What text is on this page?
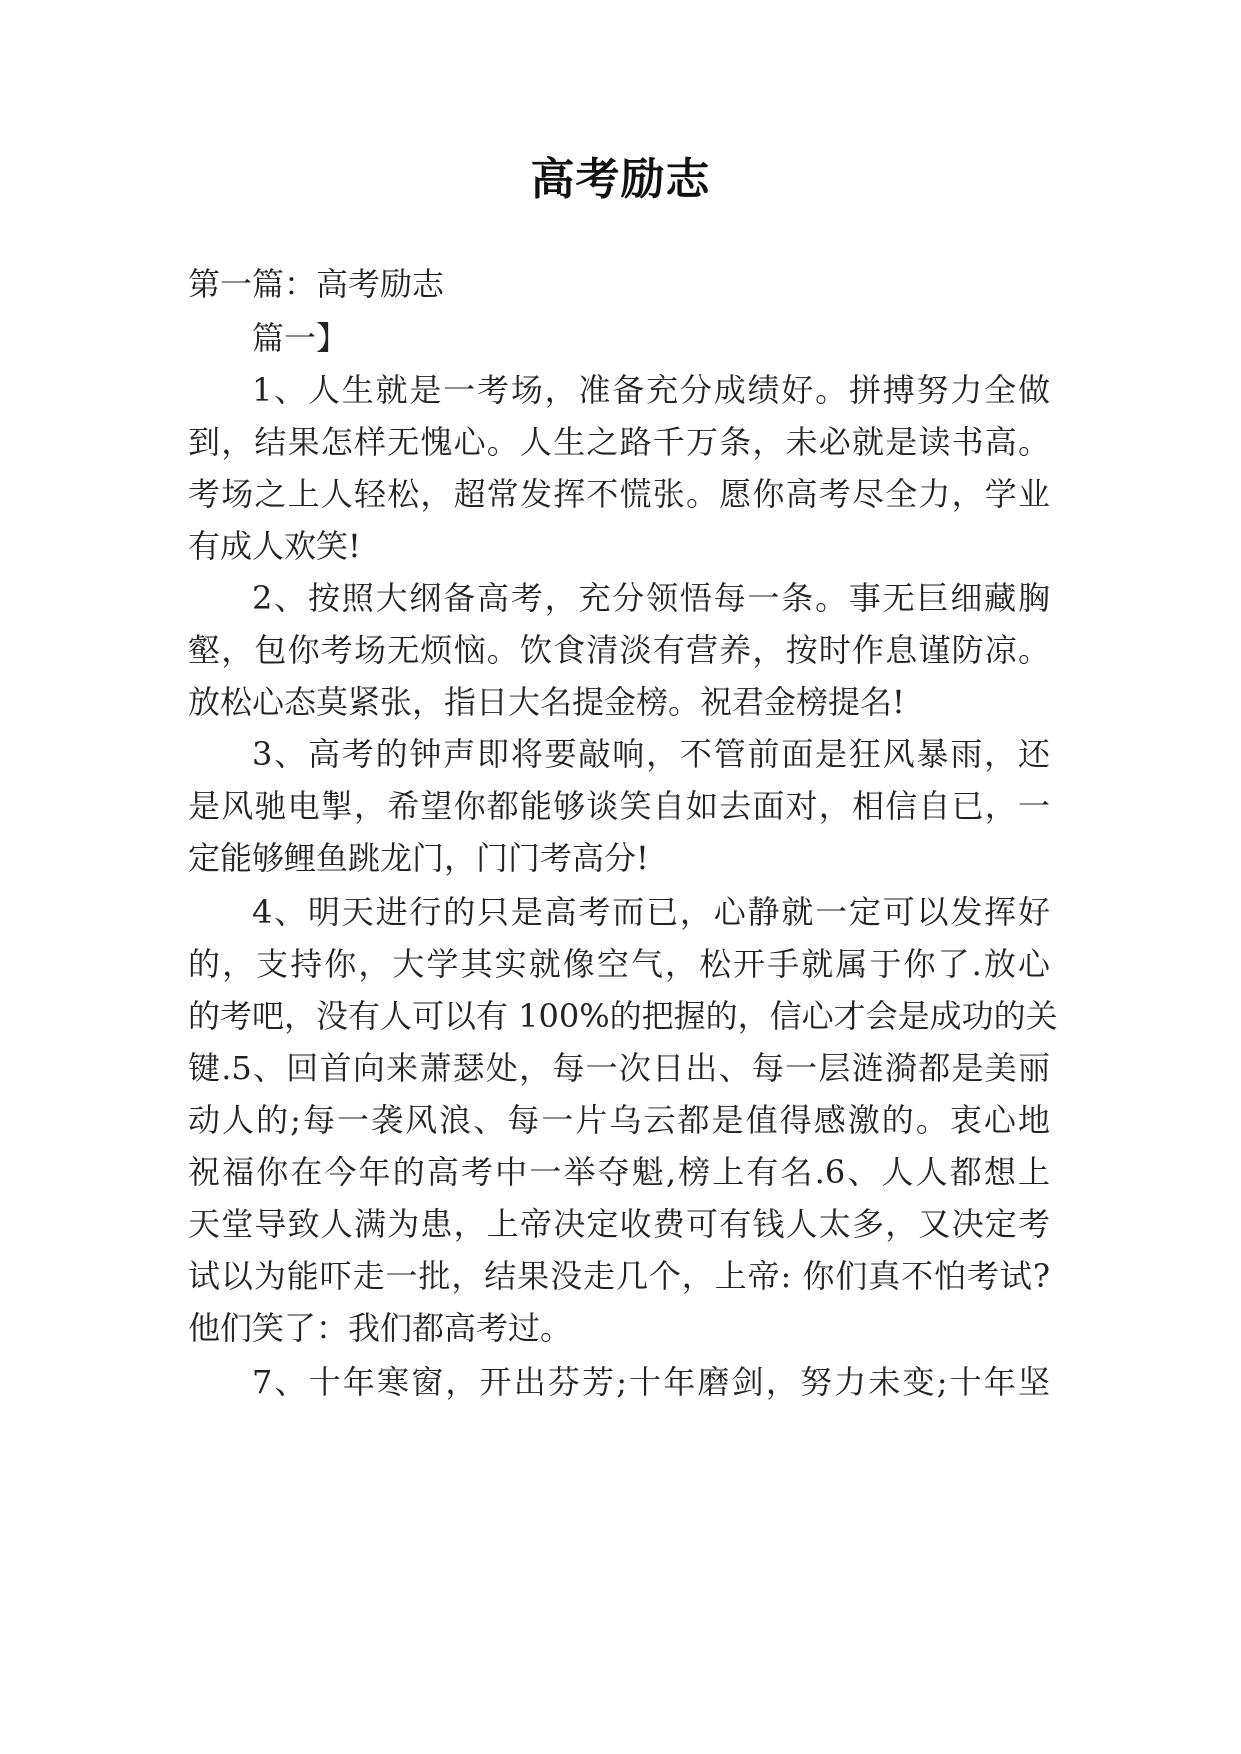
高考励志
第一篇：高考励志
篇一】
1、人生就是一考场，准备充分成绩好。拼搏努力全做
到，结果怎样无愧心。人生之路千万条，未必就是读书高。
考场之上人轻松，超常发挥不慌张。愿你高考尽全力，学业
有成人欢笑!
2、按照大纲备高考，充分领悟每一条。事无巨细藏胸
壑，包你考场无烦恼。饮食清淡有营养，按时作息谨防凉。
放松心态莫紧张，指日大名提金榜。祝君金榜提名!
3、高考的钟声即将要敲响，不管前面是狂风暴雨，还
是风驰电掣，希望你都能够谈笑自如去面对，相信自已，一
定能够鲤鱼跳龙门，门门考高分!
4、明天进行的只是高考而已，心静就一定可以发挥好
的，支持你，大学其实就像空气，松开手就属于你了.放心
的考吧，没有人可以有 100%的把握的，信心才会是成功的关
键.5、回首向来萧瑟处，每一次日出、每一层涟漪都是美丽
动人的;每一袭风浪、每一片乌云都是值得感激的。衷心地
祝福你在今年的高考中一举夺魁,榜上有名.6、人人都想上
天堂导致人满为患，上帝决定收费可有钱人太多，又决定考
试以为能吓走一批，结果没走几个，上帝: 你们真不怕考试?
他们笑了：我们都高考过。
7、十年寒窗，开出芬芳;十年磨剑，努力未变;十年坚
